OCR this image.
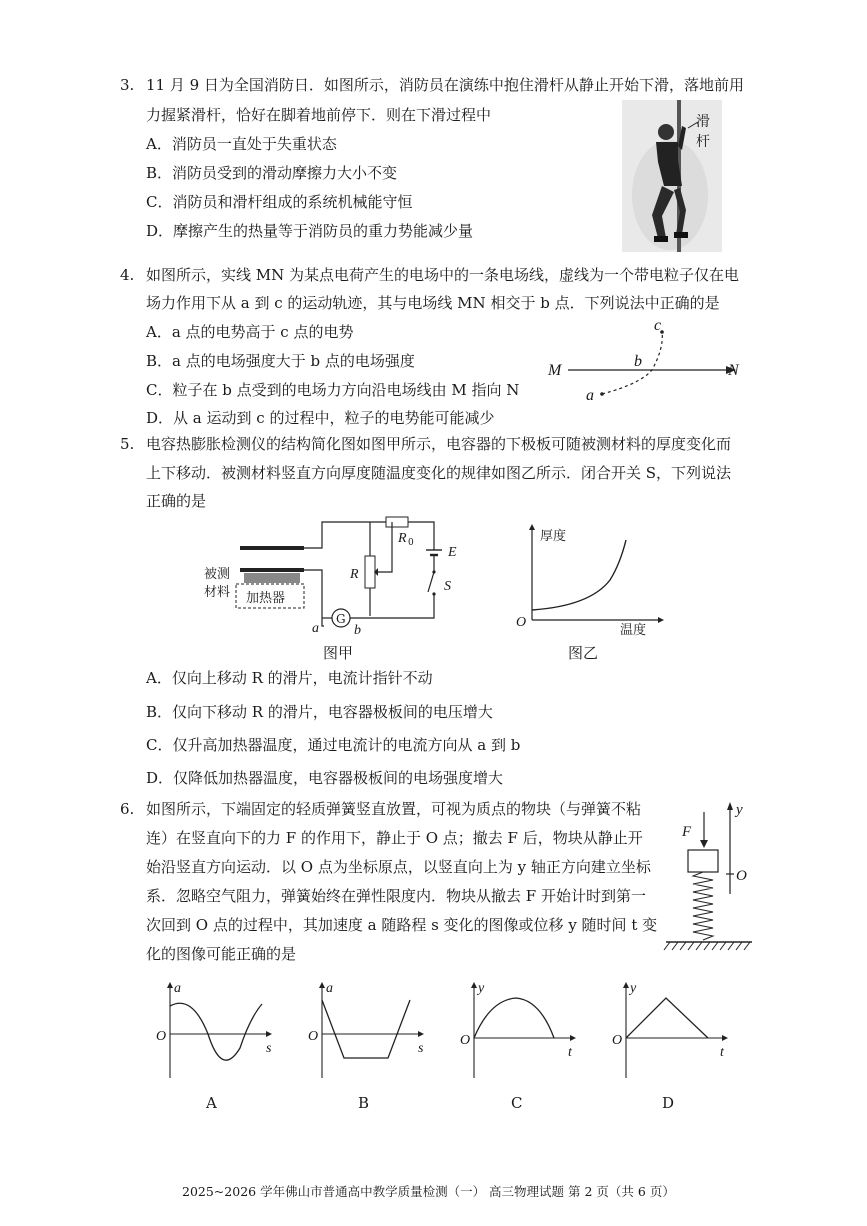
3. 11 月 9 日为全国消防日．如图所示，消防员在演练中抱住滑杆从静止开始下滑，落地前用
力握紧滑杆，恰好在脚着地前停下．则在下滑过程中
A．消防员一直处于失重状态
B．消防员受到的滑动摩擦力大小不变
C．消防员和滑杆组成的系统机械能守恒
D．摩擦产生的热量等于消防员的重力势能减少量
滑
杆
4. 如图所示，实线 MN 为某点电荷产生的电场中的一条电场线，虚线为一个带电粒子仅在电
场力作用下从 a 到 c 的运动轨迹，其与电场线 MN 相交于 b 点．下列说法中正确的是
A．a 点的电势高于 c 点的电势
B．a 点的电场强度大于 b 点的电场强度
C．粒子在 b 点受到的电场力方向沿电场线由 M 指向 N
D．从 a 运动到 c 的过程中，粒子的电势能可能减少
M	N
a
b
c
5. 电容热膨胀检测仪的结构简化图如图甲所示，电容器的下极板可随被测材料的厚度变化而
上下移动．被测材料竖直方向厚度随温度变化的规律如图乙所示．闭合开关 S，下列说法
正确的是
加热器
被测
材料
R 0
R
E
S
G
a	b
图甲
厚度
O
温度
图乙
A．仅向上移动 R 的滑片，电流计指针不动
B．仅向下移动 R 的滑片，电容器极板间的电压增大
C．仅升高加热器温度，通过电流计的电流方向从 a 到 b
D．仅降低加热器温度，电容器极板间的电场强度增大
6. 如图所示，下端固定的轻质弹簧竖直放置，可视为质点的物块（与弹簧不粘
连）在竖直向下的力 F 的作用下，静止于 O 点；撤去 F 后，物块从静止开
始沿竖直方向运动．以 O 点为坐标原点，以竖直向上为 y 轴正方向建立坐标
系．忽略空气阻力，弹簧始终在弹性限度内．物块从撤去 F 开始计时到第一
次回到 O 点的过程中，其加速度 a 随路程 s 变化的图像或位移 y 随时间 t 变
化的图像可能正确的是
F
y
O
a
O
s
A
a
O
s
B
y
O
t
C
y
O
t
D
2025~2026 学年佛山市普通高中教学质量检测（一） 高三物理试题 第 2 页（共 6 页）
